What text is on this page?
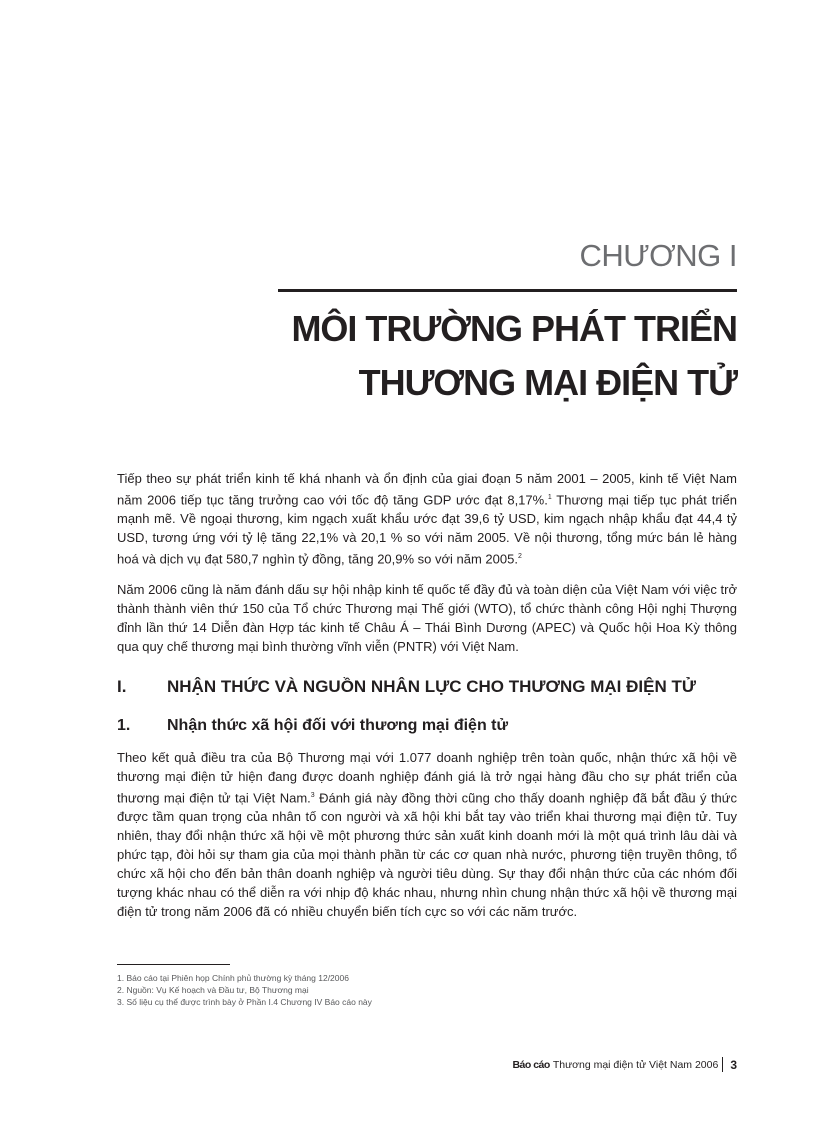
CHƯƠNG I
MÔI TRƯỜNG PHÁT TRIỂN
THƯƠNG MẠI ĐIỆN TỬ
Tiếp theo sự phát triển kinh tế khá nhanh và ổn định của giai đoạn 5 năm 2001 – 2005, kinh tế Việt Nam năm 2006 tiếp tục tăng trưởng cao với tốc độ tăng GDP ước đạt 8,17%.$^1$ Thương mại tiếp tục phát triển mạnh mẽ. Về ngoại thương, kim ngạch xuất khẩu ước đạt 39,6 tỷ USD, kim ngạch nhập khẩu đạt 44,4 tỷ USD, tương ứng với tỷ lệ tăng 22,1% và 20,1 % so với năm 2005. Về nội thương, tổng mức bán lẻ hàng hoá và dịch vụ đạt 580,7 nghìn tỷ đồng, tăng 20,9% so với năm 2005.$^2$
Năm 2006 cũng là năm đánh dấu sự hội nhập kinh tế quốc tế đầy đủ và toàn diện của Việt Nam với việc trở thành thành viên thứ 150 của Tổ chức Thương mại Thế giới (WTO), tổ chức thành công Hội nghị Thượng đỉnh lần thứ 14 Diễn đàn Hợp tác kinh tế Châu Á – Thái Bình Dương (APEC) và Quốc hội Hoa Kỳ thông qua quy chế thương mại bình thường vĩnh viễn (PNTR) với Việt Nam.
I. NHẬN THỨC VÀ NGUỒN NHÂN LỰC CHO THƯƠNG MẠI ĐIỆN TỬ
1. Nhận thức xã hội đối với thương mại điện tử
Theo kết quả điều tra của Bộ Thương mại với 1.077 doanh nghiệp trên toàn quốc, nhận thức xã hội về thương mại điện tử hiện đang được doanh nghiệp đánh giá là trở ngại hàng đầu cho sự phát triển của thương mại điện tử tại Việt Nam.$^3$ Đánh giá này đồng thời cũng cho thấy doanh nghiệp đã bắt đầu ý thức được tầm quan trọng của nhân tố con người và xã hội khi bắt tay vào triển khai thương mại điện tử. Tuy nhiên, thay đổi nhận thức xã hội về một phương thức sản xuất kinh doanh mới là một quá trình lâu dài và phức tạp, đòi hỏi sự tham gia của mọi thành phần từ các cơ quan nhà nước, phương tiện truyền thông, tổ chức xã hội cho đến bản thân doanh nghiệp và người tiêu dùng. Sự thay đổi nhận thức của các nhóm đối tượng khác nhau có thể diễn ra với nhịp độ khác nhau, nhưng nhìn chung nhận thức xã hội về thương mại điện tử trong năm 2006 đã có nhiều chuyển biến tích cực so với các năm trước.
1. Báo cáo tại Phiên họp Chính phủ thường kỳ tháng 12/2006
2. Nguồn: Vụ Kế hoạch và Đầu tư, Bộ Thương mại
3. Số liệu cụ thể được trình bày ở Phần I.4 Chương IV Báo cáo này
Báo cáo Thương mại điện tử Việt Nam 2006 3
